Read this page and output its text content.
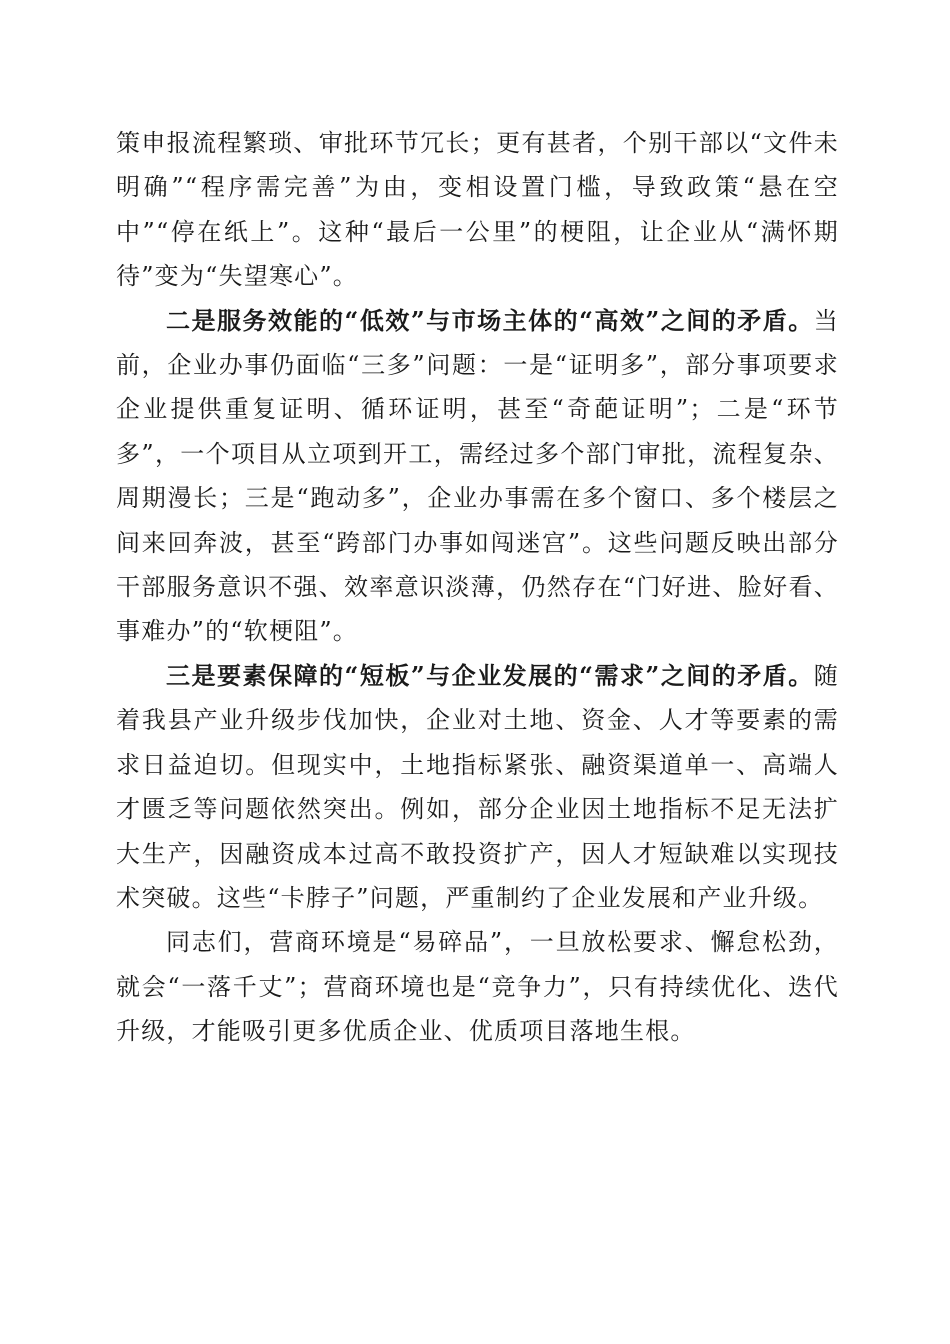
策申报流程繁琐、审批环节冗长；更有甚者，个别干部以“文件未明确”“程序需完善”为由，变相设置门槛，导致政策“悬在空中”“停在纸上”。这种“最后一公里”的梗阻，让企业从“满怀期待”变为“失望寒心”。

二是服务效能的“低效”与市场主体的“高效”之间的矛盾。当前，企业办事仍面临“三多”问题：一是“证明多”，部分事项要求企业提供重复证明、循环证明，甚至“奇葩证明”；二是“环节多”，一个项目从立项到开工，需经过多个部门审批，流程复杂、周期漫长；三是“跑动多”，企业办事需在多个窗口、多个楼层之间来回奔波，甚至“跨部门办事如闯迷宫”。这些问题反映出部分干部服务意识不强、效率意识淡薄，仍然存在“门好进、脸好看、事难办”的“软梗阻”。

三是要素保障的“短板”与企业发展的“需求”之间的矛盾。随着我县产业升级步伐加快，企业对土地、资金、人才等要素的需求日益迫切。但现实中，土地指标紧张、融资渠道单一、高端人才匮乏等问题依然突出。例如，部分企业因土地指标不足无法扩大生产，因融资成本过高不敢投资扩产，因人才短缺难以实现技术突破。这些“卡脖子”问题，严重制约了企业发展和产业升级。

同志们，营商环境是“易碎品”，一旦放松要求、懈怠松劲，就会“一落千丈”；营商环境也是“竞争力”，只有持续优化、迭代升级，才能吸引更多优质企业、优质项目落地生根。
